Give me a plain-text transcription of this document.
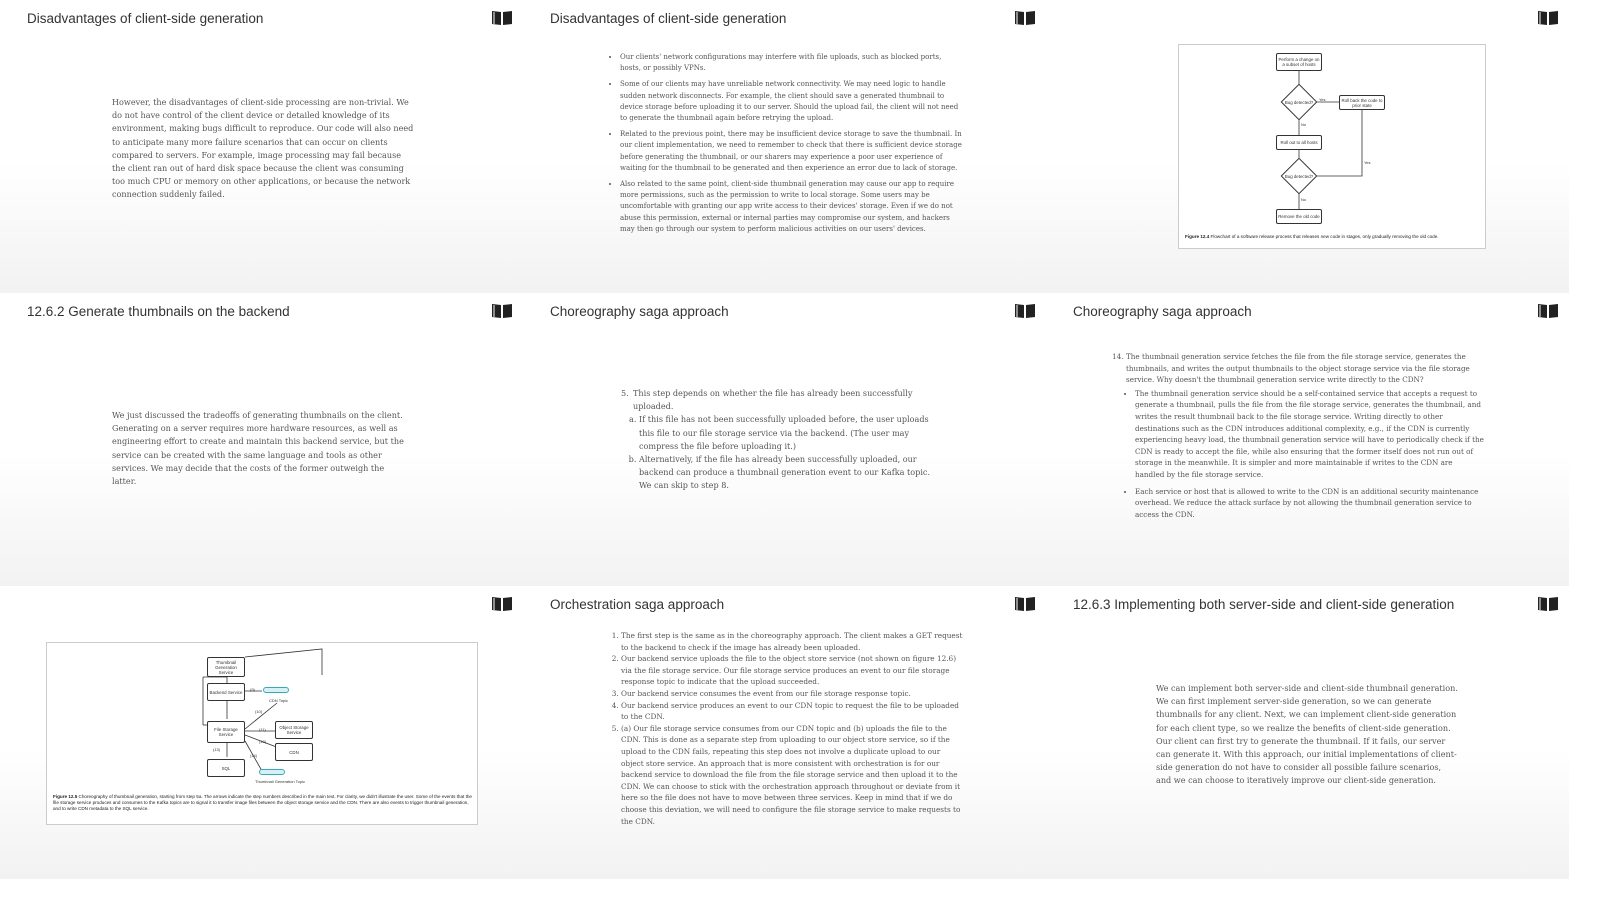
Disadvantages of client-side generation
However, the disadvantages of client-side processing are non-trivial. We do not have control of the client device or detailed knowledge of its environment, making bugs difficult to reproduce. Our code will also need to anticipate many more failure scenarios that can occur on clients compared to servers. For example, image processing may fail because the client ran out of hard disk space because the client was consuming too much CPU or memory on other applications, or because the network connection suddenly failed.
Disadvantages of client-side generation
• Our clients' network configurations may interfere with file uploads, such as blocked ports, hosts, or possibly VPNs.
• Some of our clients may have unreliable network connectivity. We may need logic to handle sudden network disconnects. For example, the client should save a generated thumbnail to device storage before uploading it to our server. Should the upload fail, the client will not need to generate the thumbnail again before retrying the upload.
• Related to the previous point, there may be insufficient device storage to save the thumbnail. In our client implementation, we need to remember to check that there is sufficient device storage before generating the thumbnail, or our sharers may experience a poor user experience of waiting for the thumbnail to be generated and then experience an error due to lack of storage.
• Also related to the same point, client-side thumbnail generation may cause our app to require more permissions, such as the permission to write to local storage. Some users may be uncomfortable with granting our app write access to their devices' storage. Even if we do not abuse this permission, external or internal parties may compromise our system, and hackers may then go through our system to perform malicious activities on our users' devices.
Perform a change on a subset of hosts
Bug detected?
Yes	Roll back the code to prior state
No
Roll out to all hosts
Bug detected?
Yes
No
Remove the old code
Figure 12.4 Flowchart of a software release process that releases new code in stages, only gradually removing the old code.
12.6.2 Generate thumbnails on the backend
We just discussed the tradeoffs of generating thumbnails on the client. Generating on a server requires more hardware resources, as well as engineering effort to create and maintain this backend service, but the service can be created with the same language and tools as other services. We may decide that the costs of the former outweigh the latter.
Choreography saga approach
5. This step depends on whether the file has already been successfully uploaded.
a. If this file has not been successfully uploaded before, the user uploads this file to our file storage service via the backend. (The user may compress the file before uploading it.)
b. Alternatively, if the file has already been successfully uploaded, our backend can produce a thumbnail generation event to our Kafka topic. We can skip to step 8.
Choreography saga approach
14. The thumbnail generation service fetches the file from the file storage service, generates the thumbnails, and writes the output thumbnails to the object storage service via the file storage service. Why doesn't the thumbnail generation service write directly to the CDN?
• The thumbnail generation service should be a self-contained service that accepts a request to generate a thumbnail, pulls the file from the file storage service, generates the thumbnail, and writes the result thumbnail back to the file storage service. Writing directly to other destinations such as the CDN introduces additional complexity, e.g., if the CDN is currently experiencing heavy load, the thumbnail generation service will have to periodically check if the CDN is ready to accept the file, while also ensuring that the former itself does not run out of storage in the meanwhile. It is simpler and more maintainable if writes to the CDN are handled by the file storage service.
• Each service or host that is allowed to write to the CDN is an additional security maintenance overhead. We reduce the attack surface by not allowing the thumbnail generation service to access the CDN.
Thumbnail Generation Service
Backend Service
File Storage Service
SQL
Object Storage Service
CDN
CDN Topic
Thumbnail Generation Topic
(9)
(10)
(11)
(12)
(14)
(13)
Figure 12.5 Choreography of thumbnail generation, starting from step 5a. The arrows indicate the step numbers described in the main text. For clarity, we didn't illustrate the user. Some of the events that the file storage service produces and consumes to the Kafka topics are to signal it to transfer image files between the object storage service and the CDN. There are also events to trigger thumbnail generation, and to write CDN metadata to the SQL service.
Orchestration saga approach
1. The first step is the same as in the choreography approach. The client makes a GET request to the backend to check if the image has already been uploaded.
2. Our backend service uploads the file to the object store service (not shown on figure 12.6) via the file storage service. Our file storage service produces an event to our file storage response topic to indicate that the upload succeeded.
3. Our backend service consumes the event from our file storage response topic.
4. Our backend service produces an event to our CDN topic to request the file to be uploaded to the CDN.
5. (a) Our file storage service consumes from our CDN topic and (b) uploads the file to the CDN. This is done as a separate step from uploading to our object store service, so if the upload to the CDN fails, repeating this step does not involve a duplicate upload to our object store service. An approach that is more consistent with orchestration is for our backend service to download the file from the file storage service and then upload it to the CDN. We can choose to stick with the orchestration approach throughout or deviate from it here so the file does not have to move between three services. Keep in mind that if we do choose this deviation, we will need to configure the file storage service to make requests to the CDN.
12.6.3 Implementing both server-side and client-side generation
We can implement both server-side and client-side thumbnail generation. We can first implement server-side generation, so we can generate thumbnails for any client. Next, we can implement client-side generation for each client type, so we realize the benefits of client-side generation. Our client can first try to generate the thumbnail. If it fails, our server can generate it. With this approach, our initial implementations of client-side generation do not have to consider all possible failure scenarios, and we can choose to iteratively improve our client-side generation.
